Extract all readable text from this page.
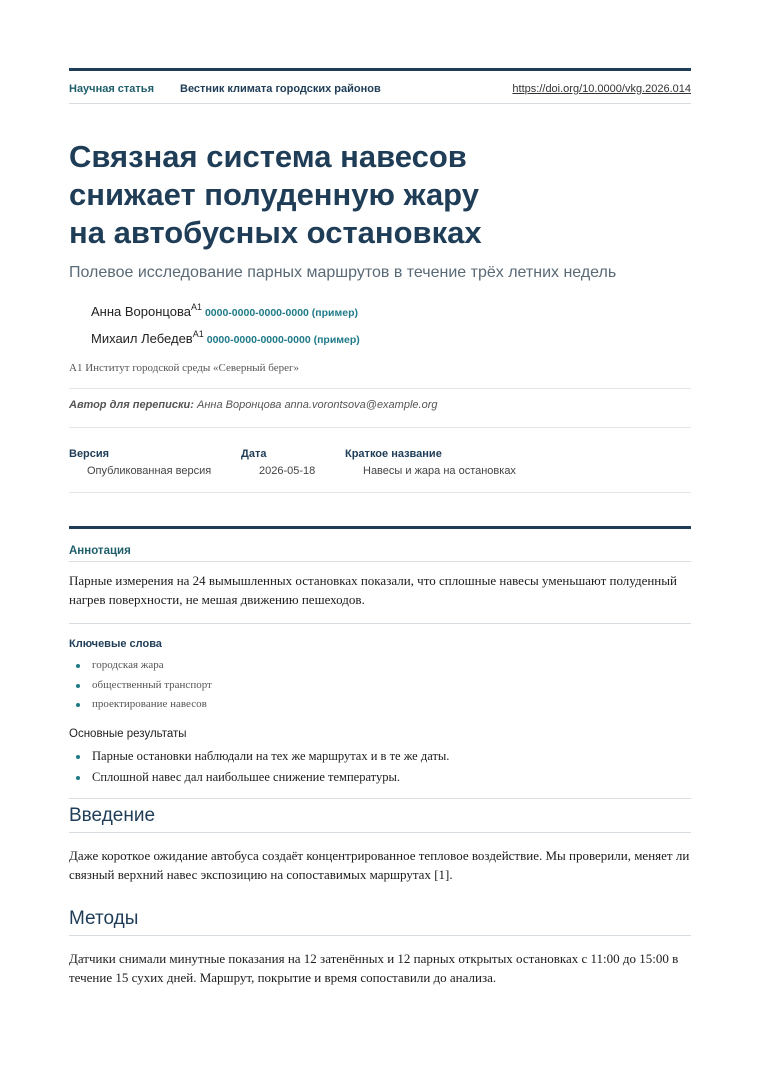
Научная статья Вестник климата городских районов	https://doi.org/10.0000/vkg.2026.014
Связная система навесов
снижает полуденную жару
на автобусных остановках
Полевое исследование парных маршрутов в течение трёх летних недель
Анна Воронцова$^{A1}$ 0000-0000-0000-0000 (пример)
Михаил Лебедев$^{A1}$ 0000-0000-0000-0000 (пример)
A1 Институт городской среды «Северный берег»
Автор для переписки: Анна Воронцова anna.vorontsova@example.org
Версия
Опубликованная версия
Дата
2026-05-18
Краткое название
Навесы и жара на остановках
Аннотация
Парные измерения на 24 вымышленных остановках показали, что сплошные навесы уменьшают полуденный нагрев поверхности, не мешая движению пешеходов.
Ключевые слова
городская жара
общественный транспорт
проектирование навесов
Основные результаты
Парные остановки наблюдали на тех же маршрутах и в те же даты.
Сплошной навес дал наибольшее снижение температуры.
Введение
Даже короткое ожидание автобуса создаёт концентрированное тепловое воздействие. Мы проверили, меняет ли связный верхний навес экспозицию на сопоставимых маршрутах [1].
Методы
Датчики снимали минутные показания на 12 затенённых и 12 парных открытых остановках с 11:00 до 15:00 в течение 15 сухих дней. Маршрут, покрытие и время сопоставили до анализа.
